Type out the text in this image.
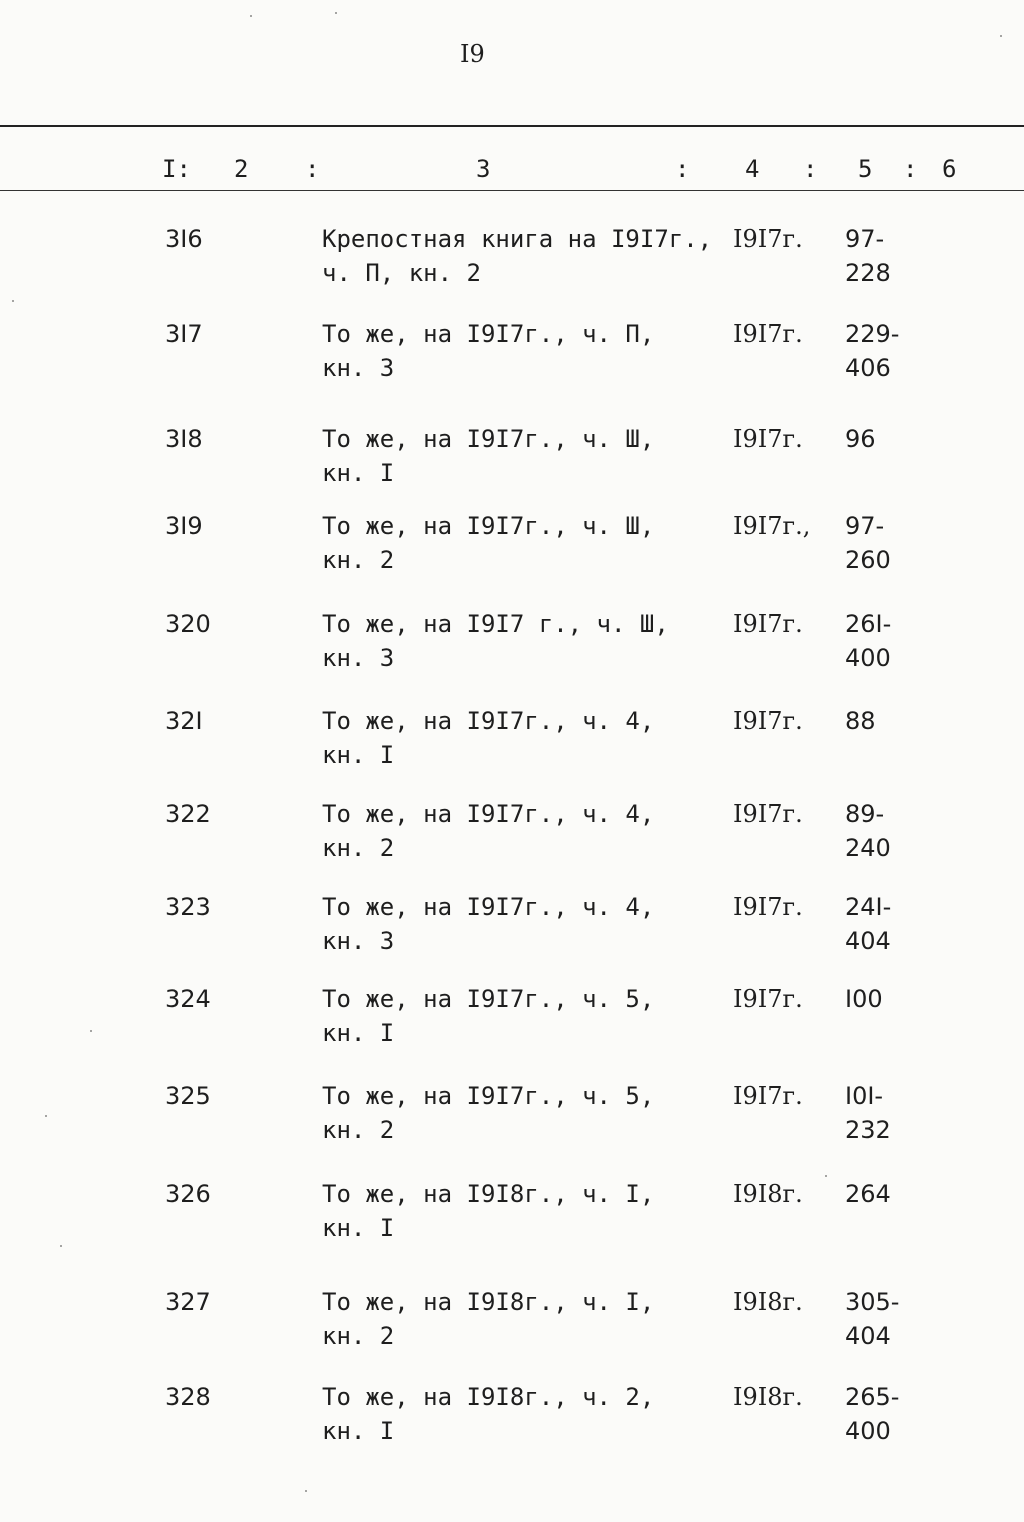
I9
I: 2 :	3	: 4 : 5 : 6
3I6	Крепостная книга на I9I7г.,
ч. П, кн. 2
I9I7г. 97-
228
3I7	То же, на I9I7г., ч. П,
кн. 3
I9I7г. 229-
406
3I8	То же, на I9I7г., ч. Ш,
кн. I
I9I7г. 96
3I9	То же, на I9I7г., ч. Ш,
кн. 2
I9I7г., 97-
260
320	То же, на I9I7 г., ч. Ш,
кн. 3
I9I7г. 26I-
400
32I	То же, на I9I7г., ч. 4,
кн. I
I9I7г. 88
322	То же, на I9I7г., ч. 4,
кн. 2
I9I7г. 89-
240
323	То же, на I9I7г., ч. 4,
кн. 3
I9I7г. 24I-
404
324	То же, на I9I7г., ч. 5,
кн. I
I9I7г. I00
325	То же, на I9I7г., ч. 5,
кн. 2
I9I7г. I0I-
232
326	То же, на I9I8г., ч. I,
кн. I
I9I8г. 264
327	То же, на I9I8г., ч. I,
кн. 2
I9I8г. 305-
404
328	То же, на I9I8г., ч. 2,
кн. I
I9I8г. 265-
400
